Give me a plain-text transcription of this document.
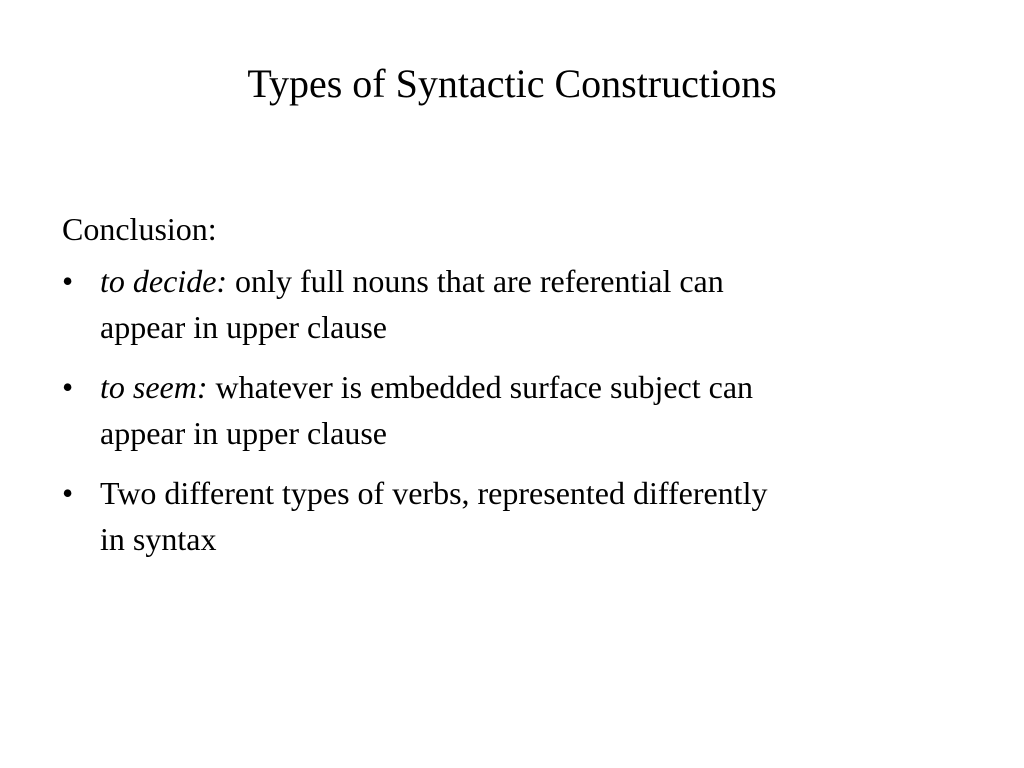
Types of Syntactic Constructions
Conclusion:
• to decide: only full nouns that are referential can
appear in upper clause
• to seem: whatever is embedded surface subject can
appear in upper clause
• Two different types of verbs, represented differently
in syntax
